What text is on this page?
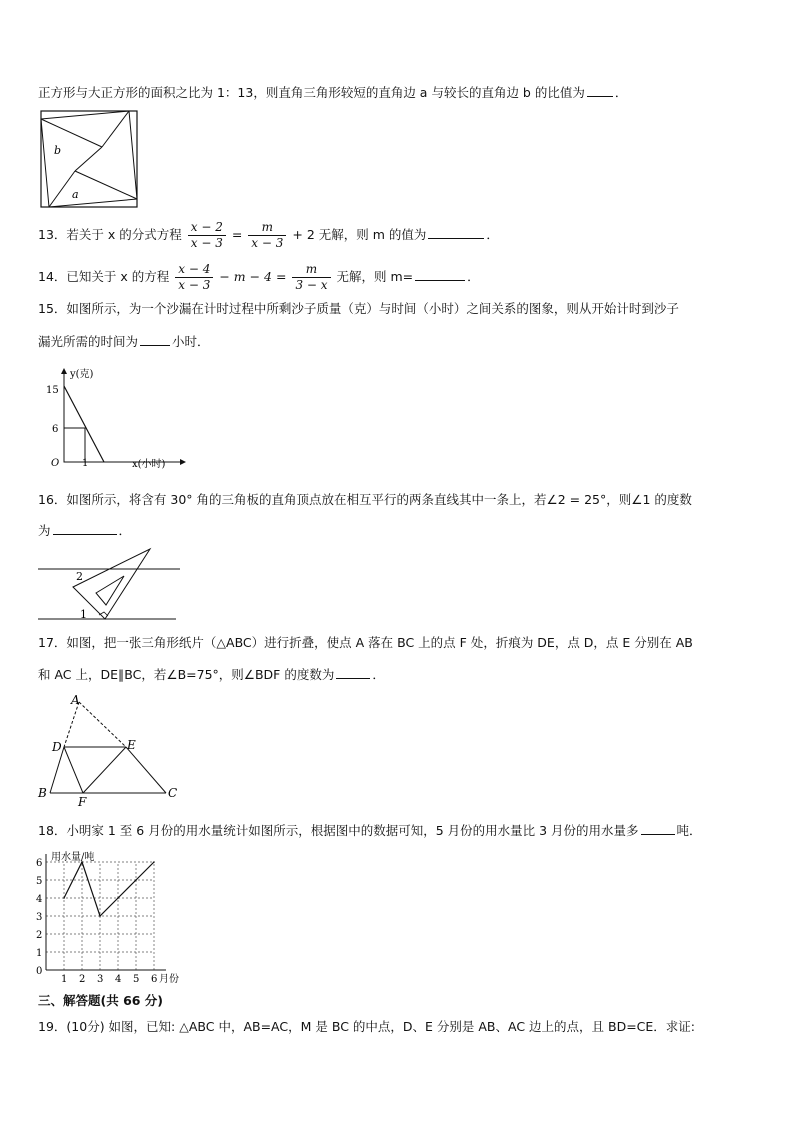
正方形与大正方形的面积之比为 1：13，则直角三角形较短的直角边 a 与较长的直角边 b 的比值为 ．
b
a
13．若关于 x 的分式方程 $\frac{x - 2}{x - 3} = \frac{m}{x - 3} + 2$ 无解，则 m 的值为	．
14．已知关于 x 的方程 $\frac{x - 4}{x - 3} - m - 4 = \frac{m}{3 - x}$ 无解，则 m=	．
15．如图所示，为一个沙漏在计时过程中所剩沙子质量（克）与时间（小时）之间关系的图象，则从开始计时到沙子
漏光所需的时间为	小时．
y(克)
x(小时)
O
15
6
1
16．如图所示，将含有 30° 角的三角板的直角顶点放在相互平行的两条直线其中一条上，若∠2 = 25°，则∠1 的度数
为	．
2
1
17．如图，把一张三角形纸片（△ABC）进行折叠，使点 A 落在 BC 上的点 F 处，折痕为 DE，点 D，点 E 分别在 AB
和 AC 上，DE∥BC，若∠B=75°，则∠BDF 的度数为	．
A
D	E
B	C
F
18．小明家 1 至 6 月份的用水量统计如图所示，根据图中的数据可知，5 月份的用水量比 3 月份的用水量多	吨．
0
1
2
3
4
5
6
1 2 3 4 5 6
用水量/吨
月份
三、解答题(共 66 分)
19．(10分) 如图，已知: △ABC 中，AB=AC，M 是 BC 的中点，D、E 分别是 AB、AC 边上的点，且 BD=CE．求证:
